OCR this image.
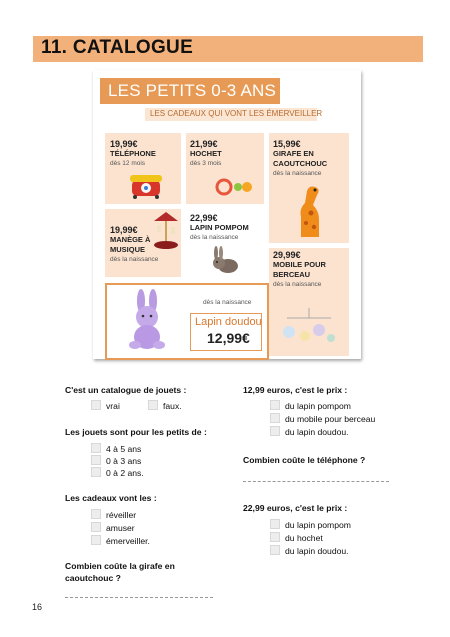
11. CATALOGUE
LES PETITS 0-3 ANS
LES CADEAUX QUI VONT LES ÉMERVEILLER
19,99€
TÉLÉPHONE
dès 12 mois
21,99€
HOCHET
dès 3 mois
15,99€
GIRAFE EN CAOUTCHOUC
dès la naissance
19,99€
MANÈGE À MUSIQUE
dès la naissance
22,99€
LAPIN POMPOM
dès la naissance
29,99€
MOBILE POUR BERCEAU
dès la naissance
dès la naissance
Lapin doudou
12,99€
C'est un catalogue de jouets :
vrai	faux.
Les jouets sont pour les petits de :
4 à 5 ans
0 à 3 ans
0 à 2 ans.
Les cadeaux vont les :
réveiller
amuser
émerveiller.
Combien coûte la girafe en caoutchouc ?
12,99 euros, c'est le prix :
du lapin pompom
du mobile pour berceau
du lapin doudou.
Combien coûte le téléphone ?
22,99 euros, c'est le prix :
du lapin pompom
du hochet
du lapin doudou.
16
